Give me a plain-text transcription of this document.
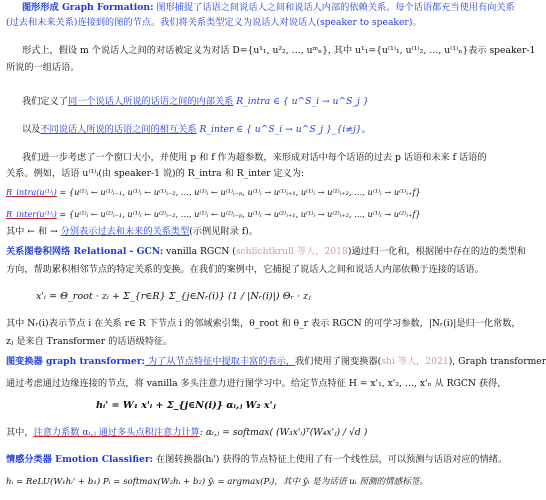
图形形成 Graph Formation: 图形捕捉了话语之间说话人之间和说话人内部的依赖关系。每个话语都充当使用有向关系
(过去和未来关系)连接到的图的节点。我们将关系类型定义为说话人对说话人(speaker to speaker)。
形式上，假设 m 个说话人之间的对话被定义为对话 D={u¹₁, u²₂, …, uᵐₙ}, 其中 u¹₁={u⁽¹⁾₁, u⁽¹⁾₂, …, u⁽¹⁾ₙ}表示 speaker-1
所说的一组话语。
我们定义了同一个说话人所说的话语之间的内部关系 R_intra ∈ { u^S_i → u^S_j }
以及不同说话人所说的话语之间的相互关系 R_inter ∈ { u^S_i → u^S_j }_{i≠j}。
我们进一步考虑了一个窗口大小，并使用 p 和 f 作为超参数，来形成对话中每个话语的过去 p 话语和未来 f 话语的
关系。例如，话语 u⁽¹⁾ᵢ(由 speaker-1 说)的 R_intra 和 R_inter 定义为:
R_intra(u⁽¹⁾ᵢ) = {u⁽¹⁾ᵢ ← u⁽¹⁾ᵢ₋₁, u⁽¹⁾ᵢ ← u⁽¹⁾ᵢ₋₂, …, u⁽¹⁾ᵢ ← u⁽¹⁾ᵢ₋ₚ, u⁽¹⁾ᵢ → u⁽¹⁾ᵢ₊₁, u⁽¹⁾ᵢ → u⁽¹⁾ᵢ₊₂, …, u⁽¹⁾ᵢ → u⁽¹⁾ᵢ₊f}
R_inter(u⁽¹⁾ᵢ) = {u⁽¹⁾ᵢ ← u⁽²⁾ᵢ₋₁, u⁽¹⁾ᵢ ← u⁽²⁾ᵢ₋₂, …, u⁽¹⁾ᵢ ← u⁽²⁾ᵢ₋ₚ, u⁽¹⁾ᵢ → u⁽²⁾ᵢ₊₁, u⁽¹⁾ᵢ → u⁽²⁾ᵢ₊₂, …, u⁽¹⁾ᵢ → u⁽²⁾ᵢ₊f}
其中 ← 和 → 分别表示过去和未来的关系类型(示例见附录 f)。
关系图卷积网络 Relational - GCN: vanilla RGCN (schlichtkrull 等人，2018)通过归一化和，根据图中存在的边的类型和
方向，帮助累积相邻节点的特定关系的变换。在我们的案例中，它捕捉了说话人之间和说话人内部依赖于连接的话语。
x'ᵢ = Θ_root · zᵢ + Σ_{r∈R} Σ_{j∈Nᵣ(i)} (1 / |Nᵣ(i)|) Θᵣ · zⱼ
其中 Nᵣ(i)表示节点 i 在关系 r∈ R 下节点 i 的邻域索引集，θ_root 和 θ_r 表示 RGCN 的可学习参数，|Nᵣ(i)|是归一化常数，
zⱼ 是来自 Transformer 的话语级特征。
图变换器 graph transformer: 为了从节点特征中提取丰富的表示，我们使用了图变换器(shi 等人，2021), Graph transformer
通过考虑通过边缘连接的节点，将 vanilla 多头注意力进行图学习中。给定节点特征 H = x'₁, x'₂, …, x'ₙ 从 RGCN 获得，
hᵢ' = W₁ x'ᵢ + Σ_{j∈N(i)} αᵢ,ⱼ W₂ x'ⱼ
其中，注意力系数 αᵢ,ⱼ 通过多头点积注意力计算: αᵢ,ⱼ = softmax( (W₃x'ᵢ)ᵀ(W₄x'ⱼ) / √d )
情感分类器 Emotion Classifier: 在图转换器(hᵢ') 获得的节点特征上使用了有一个线性层，可以预测与话语对应的情绪。
hᵢ = ReLU(W₁hᵢ' + b₁) Pᵢ = softmax(W₂hᵢ + b₂) ŷᵢ = argmax(Pᵢ)，其中 ŷᵢ 是为话语 uᵢ 预测的情感标签。
